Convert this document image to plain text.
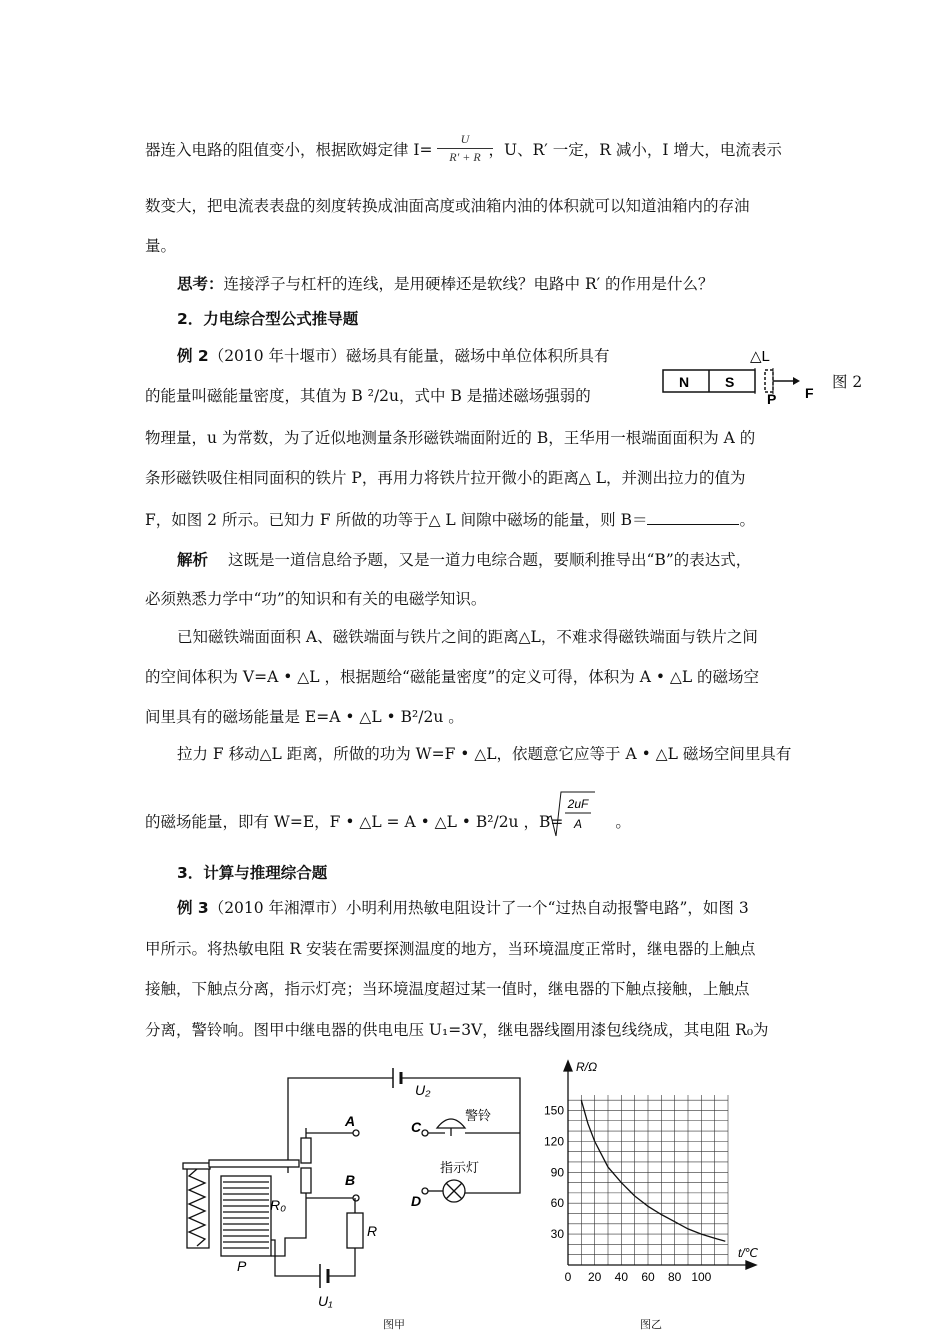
器连入电路的阻值变小，根据欧姆定律 I=	，U、R′ 一定，R 减小，I 增大，电流表示
U
R′ + R
数变大，把电流表表盘的刻度转换成油面高度或油箱内油的体积就可以知道油箱内的存油
量。
思考：连接浮子与杠杆的连线，是用硬棒还是软线？电路中 R′ 的作用是什么？
2．力电综合型公式推导题
例 2（2010 年十堰市）磁场具有能量，磁场中单位体积所具有
的能量叫磁能量密度，其值为 B ²/2u，式中 B 是描述磁场强弱的
物理量，u 为常数，为了近似地测量条形磁铁端面附近的 B，王华用一根端面面积为 A 的
条形磁铁吸住相同面积的铁片 P，再用力将铁片拉开微小的距离△ L，并测出拉力的值为
F，如图 2 所示。已知力 F 所做的功等于△ L 间隙中磁场的能量，则 B＝	。
△L
N	S
F
P
图 2
解析 这既是一道信息给予题，又是一道力电综合题，要顺利推导出“B”的表达式，
必须熟悉力学中“功”的知识和有关的电磁学知识。
已知磁铁端面面积 A、磁铁端面与铁片之间的距离△L，不难求得磁铁端面与铁片之间
的空间体积为 V=A • △L ，根据题给“磁能量密度”的定义可得，体积为 A • △L 的磁场空
间里具有的磁场能量是 E=A • △L • B²/2u 。
拉力 F 移动△L 距离，所做的功为 W=F • △L，依题意它应等于 A • △L 磁场空间里具有
的磁场能量，即有 W=E，F • △L = A • △L • B²/2u ，B=	。
2uF
A
3．计算与推理综合题
例 3（2010 年湘潭市）小明利用热敏电阻设计了一个“过热自动报警电路”，如图 3
甲所示。将热敏电阻 R 安装在需要探测温度的地方，当环境温度正常时，继电器的上触点
接触，下触点分离，指示灯亮；当环境温度超过某一值时，继电器的下触点接触，上触点
分离，警铃响。图甲中继电器的供电电压 U₁=3V，继电器线圈用漆包线绕成，其电阻 R₀为
U₂
A
B
C
D
警铃
指示灯
R₀
R
P
U₁
图甲
0 20 40 60 80 100
30
60
90
120
150
R/Ω
t/℃
图乙
